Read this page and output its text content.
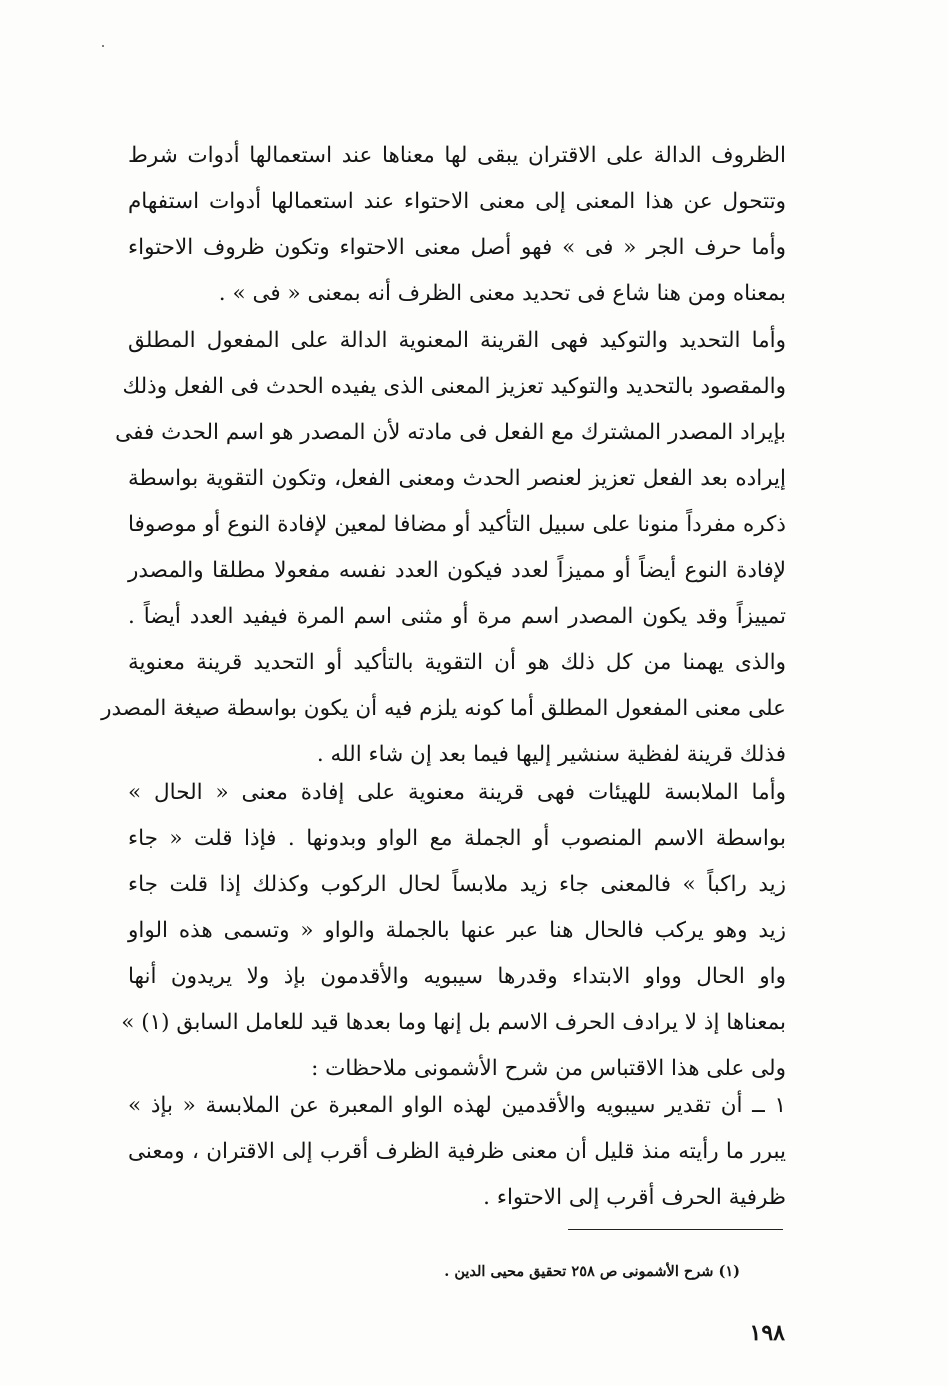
الظروف الدالة على الاقتران يبقى لها معناها عند استعمالها أدوات شرط
وتتحول عن هذا المعنى إلى معنى الاحتواء عند استعمالها أدوات استفهام
وأما حرف الجر « فى » فهو أصل معنى الاحتواء وتكون ظروف الاحتواء
بمعناه ومن هنا شاع فى تحديد معنى الظرف أنه بمعنى « فى » .
وأما التحديد والتوكيد فهى القرينة المعنوية الدالة على المفعول المطلق
والمقصود بالتحديد والتوكيد تعزيز المعنى الذى يفيده الحدث فى الفعل وذلك
بإيراد المصدر المشترك مع الفعل فى مادته لأن المصدر هو اسم الحدث ففى
إيراده بعد الفعل تعزيز لعنصر الحدث ومعنى الفعل، وتكون التقوية بواسطة
ذكره مفرداً منونا على سبيل التأكيد أو مضافا لمعين لإفادة النوع أو موصوفا
لإفادة النوع أيضاً أو مميزاً لعدد فيكون العدد نفسه مفعولا مطلقا والمصدر
تمييزاً وقد يكون المصدر اسم مرة أو مثنى اسم المرة فيفيد العدد أيضاً .
والذى يهمنا من كل ذلك هو أن التقوية بالتأكيد أو التحديد قرينة معنوية
على معنى المفعول المطلق أما كونه يلزم فيه أن يكون بواسطة صيغة المصدر
فذلك قرينة لفظية سنشير إليها فيما بعد إن شاء الله .
وأما الملابسة للهيئات فهى قرينة معنوية على إفادة معنى « الحال »
بواسطة الاسم المنصوب أو الجملة مع الواو وبدونها . فإذا قلت « جاء
زيد راكباً » فالمعنى جاء زيد ملابساً لحال الركوب وكذلك إذا قلت جاء
زيد وهو يركب فالحال هنا عبر عنها بالجملة والواو « وتسمى هذه الواو
واو الحال وواو الابتداء وقدرها سيبويه والأقدمون بإذ ولا يريدون أنها
بمعناها إذ لا يرادف الحرف الاسم بل إنها وما بعدها قيد للعامل السابق (١) »
ولى على هذا الاقتباس من شرح الأشمونى ملاحظات :
١ ــ أن تقدير سيبويه والأقدمين لهذه الواو المعبرة عن الملابسة « بإذ »
يبرر ما رأيته منذ قليل أن معنى ظرفية الظرف أقرب إلى الاقتران ، ومعنى
ظرفية الحرف أقرب إلى الاحتواء .
(١) شرح الأشمونى ص ٢٥٨ تحقيق محيى الدين .
١٩٨
